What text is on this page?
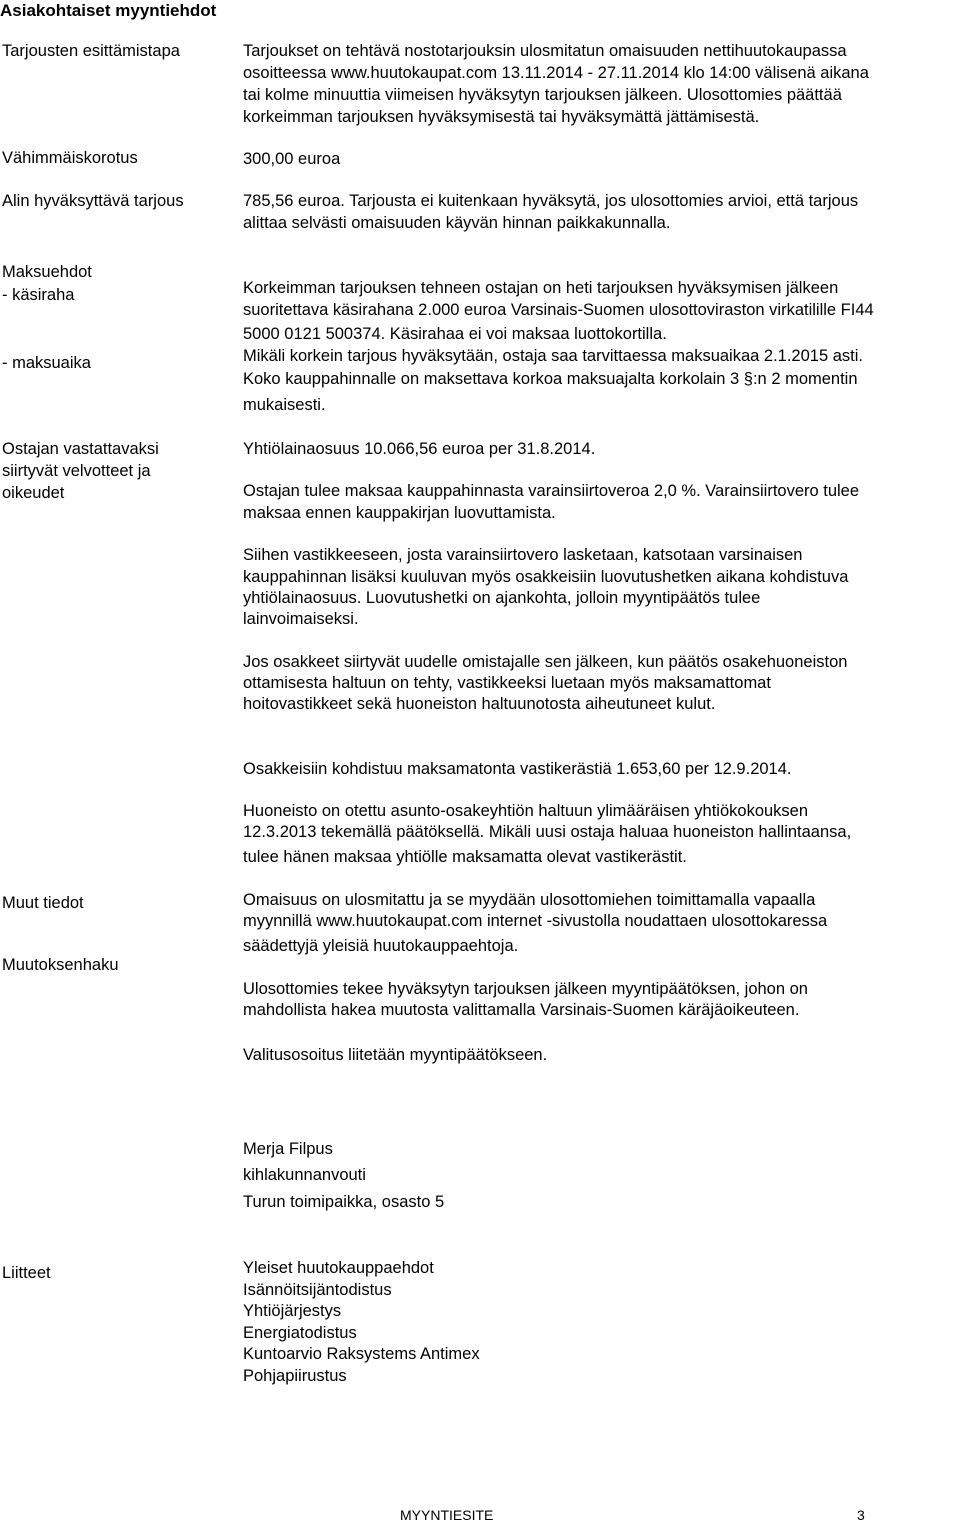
Asiakohtaiset myyntiehdot
Tarjousten esittämistapa
Vähimmäiskorotus
Alin hyväksyttävä tarjous
Maksuehdot
- käsiraha
- maksuaika
Ostajan vastattavaksi
siirtyvät velvotteet ja
oikeudet
Muut tiedot
Muutoksenhaku
Liitteet
Tarjoukset on tehtävä nostotarjouksin ulosmitatun omaisuuden nettihuutokaupassa
osoitteessa www.huutokaupat.com 13.11.2014 - 27.11.2014 klo 14:00 välisenä aikana
tai kolme minuuttia viimeisen hyväksytyn tarjouksen jälkeen. Ulosottomies päättää
korkeimman tarjouksen hyväksymisestä tai hyväksymättä jättämisestä.
300,00 euroa
785,56 euroa. Tarjousta ei kuitenkaan hyväksytä, jos ulosottomies arvioi, että tarjous
alittaa selvästi omaisuuden käyvän hinnan paikkakunnalla.
Korkeimman tarjouksen tehneen ostajan on heti tarjouksen hyväksymisen jälkeen
suoritettava käsirahana 2.000 euroa Varsinais-Suomen ulosottoviraston virkatilille FI44
5000 0121 500374. Käsirahaa ei voi maksaa luottokortilla.
Mikäli korkein tarjous hyväksytään, ostaja saa tarvittaessa maksuaikaa 2.1.2015 asti.
Koko kauppahinnalle on maksettava korkoa maksuajalta korkolain 3 §:n 2 momentin
mukaisesti.
Yhtiölainaosuus 10.066,56 euroa per 31.8.2014.
Ostajan tulee maksaa kauppahinnasta varainsiirtoveroa 2,0 %. Varainsiirtovero tulee
maksaa ennen kauppakirjan luovuttamista.
Siihen vastikkeeseen, josta varainsiirtovero lasketaan, katsotaan varsinaisen
kauppahinnan lisäksi kuuluvan myös osakkeisiin luovutushetken aikana kohdistuva
yhtiölainaosuus. Luovutushetki on ajankohta, jolloin myyntipäätös tulee
lainvoimaiseksi.
Jos osakkeet siirtyvät uudelle omistajalle sen jälkeen, kun päätös osakehuoneiston
ottamisesta haltuun on tehty, vastikkeeksi luetaan myös maksamattomat
hoitovastikkeet sekä huoneiston haltuunotosta aiheutuneet kulut.
Osakkeisiin kohdistuu maksamatonta vastikerästiä 1.653,60 per 12.9.2014.
Huoneisto on otettu asunto-osakeyhtiön haltuun ylimääräisen yhtiökokouksen
12.3.2013 tekemällä päätöksellä. Mikäli uusi ostaja haluaa huoneiston hallintaansa,
tulee hänen maksaa yhtiölle maksamatta olevat vastikerästit.
Omaisuus on ulosmitattu ja se myydään ulosottomiehen toimittamalla vapaalla
myynnillä www.huutokaupat.com internet -sivustolla noudattaen ulosottokaressa
säädettyjä yleisiä huutokauppaehtoja.
Ulosottomies tekee hyväksytyn tarjouksen jälkeen myyntipäätöksen, johon on
mahdollista hakea muutosta valittamalla Varsinais-Suomen käräjäoikeuteen.
Valitusosoitus liitetään myyntipäätökseen.
Merja Filpus
kihlakunnanvouti
Turun toimipaikka, osasto 5
Yleiset huutokauppaehdot
Isännöitsijäntodistus
Yhtiöjärjestys
Energiatodistus
Kuntoarvio Raksystems Antimex
Pohjapiirustus
MYYNTIESITE	3
